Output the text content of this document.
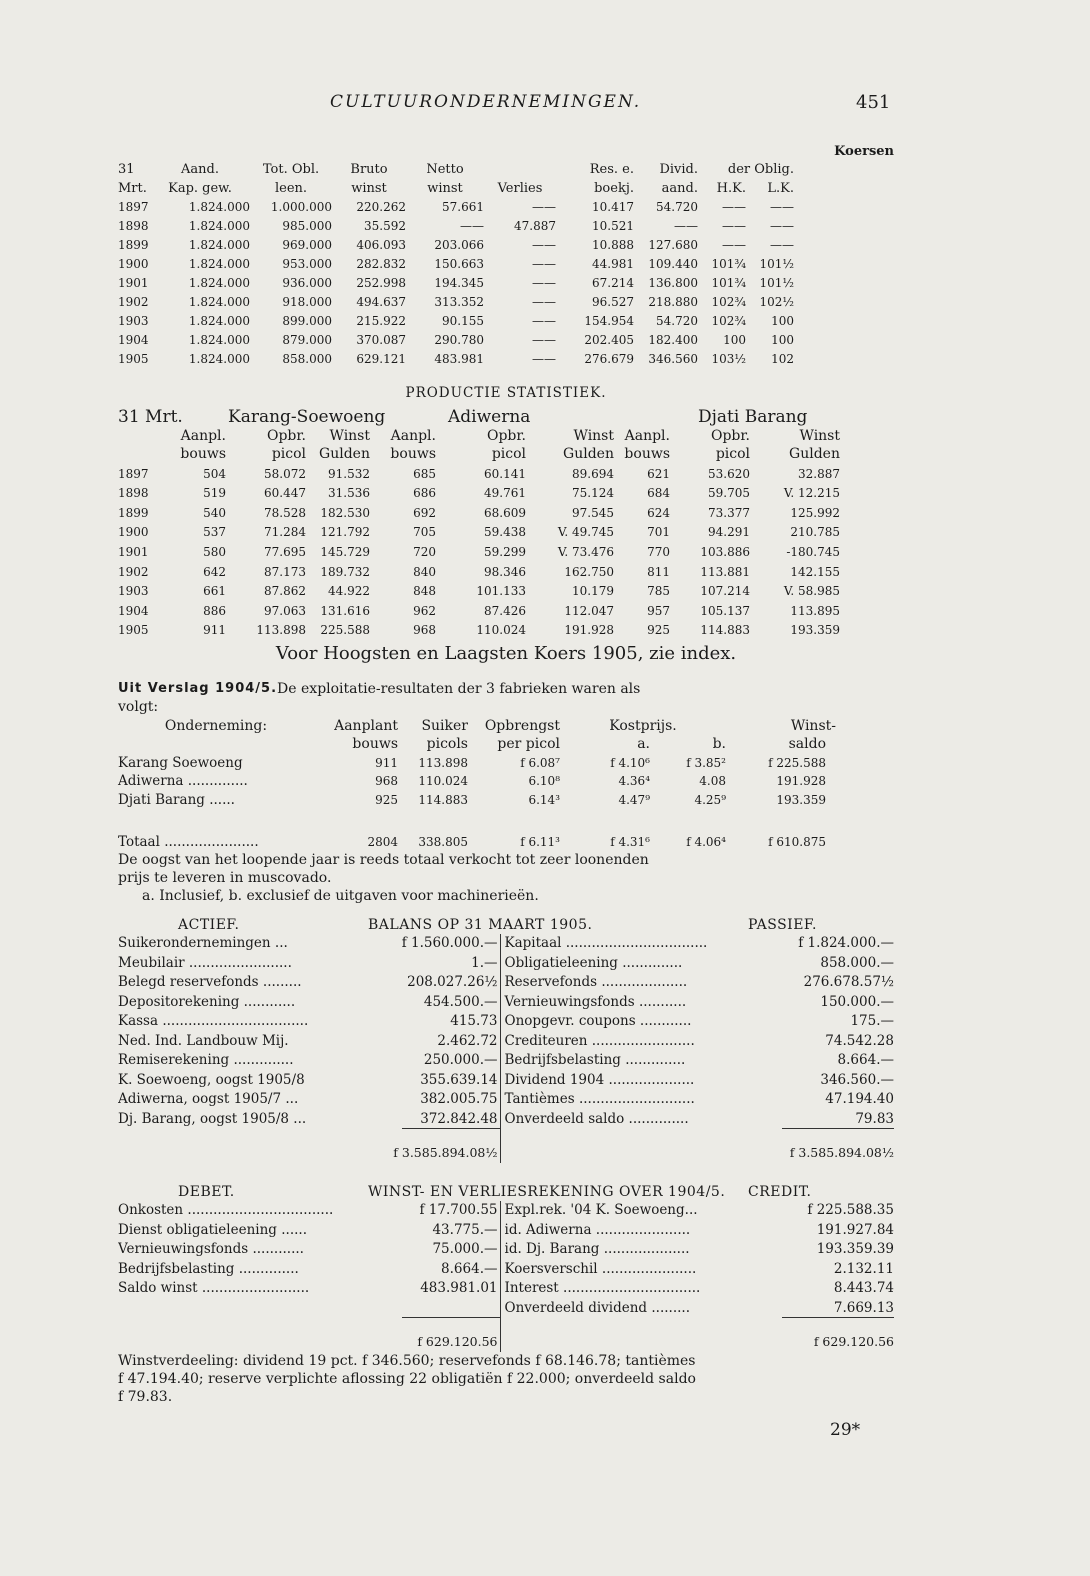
CULTUURONDERNEMINGEN.	451
Koersen
31	Aand.	Tot. Obl.	Bruto	Netto	Res. e.	Divid.	der Oblig.
Mrt.	Kap. gew.	leen.	winst	winst	Verlies	boekj.	aand.	H.K.	L.K.
1897	1.824.000	1.000.000	220.262	57.661	——	10.417	54.720	——	——
1898	1.824.000	985.000	35.592	——	47.887	10.521	——	——	——
1899	1.824.000	969.000	406.093	203.066	——	10.888	127.680	——	——
1900	1.824.000	953.000	282.832	150.663	——	44.981	109.440	101¾	101½
1901	1.824.000	936.000	252.998	194.345	——	67.214	136.800	101¾	101½
1902	1.824.000	918.000	494.637	313.352	——	96.527	218.880	102¾	102½
1903	1.824.000	899.000	215.922	90.155	——	154.954	54.720	102¾	100
1904	1.824.000	879.000	370.087	290.780	——	202.405	182.400	100	100
1905	1.824.000	858.000	629.121	483.981	——	276.679	346.560	103½	102
PRODUCTIE STATISTIEK.
31 Mrt.	Karang-Soewoeng	Adiwerna	Djati Barang
Aanpl.	Opbr.	Winst	Aanpl.	Opbr.	Winst Aanpl.	Opbr.	Winst
bouws	picol Gulden	bouws	picol	Gulden bouws	picol	Gulden
1897	504	58.072	91.532	685	60.141	89.694	621	53.620	32.887
1898	519	60.447	31.536	686	49.761	75.124	684	59.705	V. 12.215
1899	540	78.528	182.530	692	68.609	97.545	624	73.377	125.992
1900	537	71.284	121.792	705	59.438	V. 49.745	701	94.291	210.785
1901	580	77.695	145.729	720	59.299	V. 73.476	770	103.886	-180.745
1902	642	87.173	189.732	840	98.346	162.750	811	113.881	142.155
1903	661	87.862	44.922	848	101.133	10.179	785	107.214	V. 58.985
1904	886	97.063	131.616	962	87.426	112.047	957	105.137	113.895
1905	911	113.898	225.588	968	110.024	191.928	925	114.883	193.359
Voor Hoogsten en Laagsten Koers 1905, zie index.
Uit Verslag 1904/5. De exploitatie-resultaten der 3 fabrieken waren als
volgt:
Onderneming:	Aanplant	Suiker	Opbrengst	Kostprijs.	Winst-
bouws	picols	per picol	a.	b.	saldo
Karang Soewoeng	911	113.898	f 6.08⁷	f 4.10⁶	f 3.85²	f 225.588
Adiwerna ..............	968	110.024	6.10⁸	4.36⁴	4.08	191.928
Djati Barang ......	925	114.883	6.14³	4.47⁹	4.25⁹	193.359
Totaal ......................	2804	338.805	f 6.11³	f 4.31⁶	f 4.06⁴	f 610.875
De oogst van het loopende jaar is reeds totaal verkocht tot zeer loonenden
prijs te leveren in muscovado.
a. Inclusief, b. exclusief de uitgaven voor machinerieën.
ACTIEF.	BALANS OP 31 MAART 1905.	PASSIEF.
Suikerondernemingen ...	f 1.560.000.— Kapitaal .................................	f 1.824.000.—
Meubilair ........................	1.— Obligatieleening ..............	858.000.—
Belegd reservefonds .........	208.027.26½ Reservefonds ....................	276.678.57½
Depositorekening ............	454.500.— Vernieuwingsfonds ...........	150.000.—
Kassa ..................................	415.73 Onopgevr. coupons ............	175.—
Ned. Ind. Landbouw Mij.	2.462.72 Crediteuren ........................	74.542.28
Remiserekening ..............	250.000.— Bedrijfsbelasting ..............	8.664.—
K. Soewoeng, oogst 1905/8	355.639.14 Dividend 1904 ....................	346.560.—
Adiwerna, oogst 1905/7 ...	382.005.75 Tantièmes ...........................	47.194.40
Dj. Barang, oogst 1905/8 ...	372.842.48 Onverdeeld saldo ..............	79.83
f 3.585.894.08½	f 3.585.894.08½
DEBET.	WINST- EN VERLIESREKENING OVER 1904/5.	CREDIT.
Onkosten ..................................	f 17.700.55 Expl.rek. '04 K. Soewoeng...	f 225.588.35
Dienst obligatieleening ......	43.775.— id. Adiwerna ......................	191.927.84
Vernieuwingsfonds ............	75.000.— id. Dj. Barang ....................	193.359.39
Bedrijfsbelasting ..............	8.664.— Koersverschil ......................	2.132.11
Saldo winst .........................	483.981.01 Interest ................................	8.443.74
Onverdeeld dividend .........	7.669.13
f 629.120.56	f 629.120.56
Winstverdeeling: dividend 19 pct. f 346.560; reservefonds f 68.146.78; tantièmes
f 47.194.40; reserve verplichte aflossing 22 obligatiën f 22.000; onverdeeld saldo
f 79.83.
29*
